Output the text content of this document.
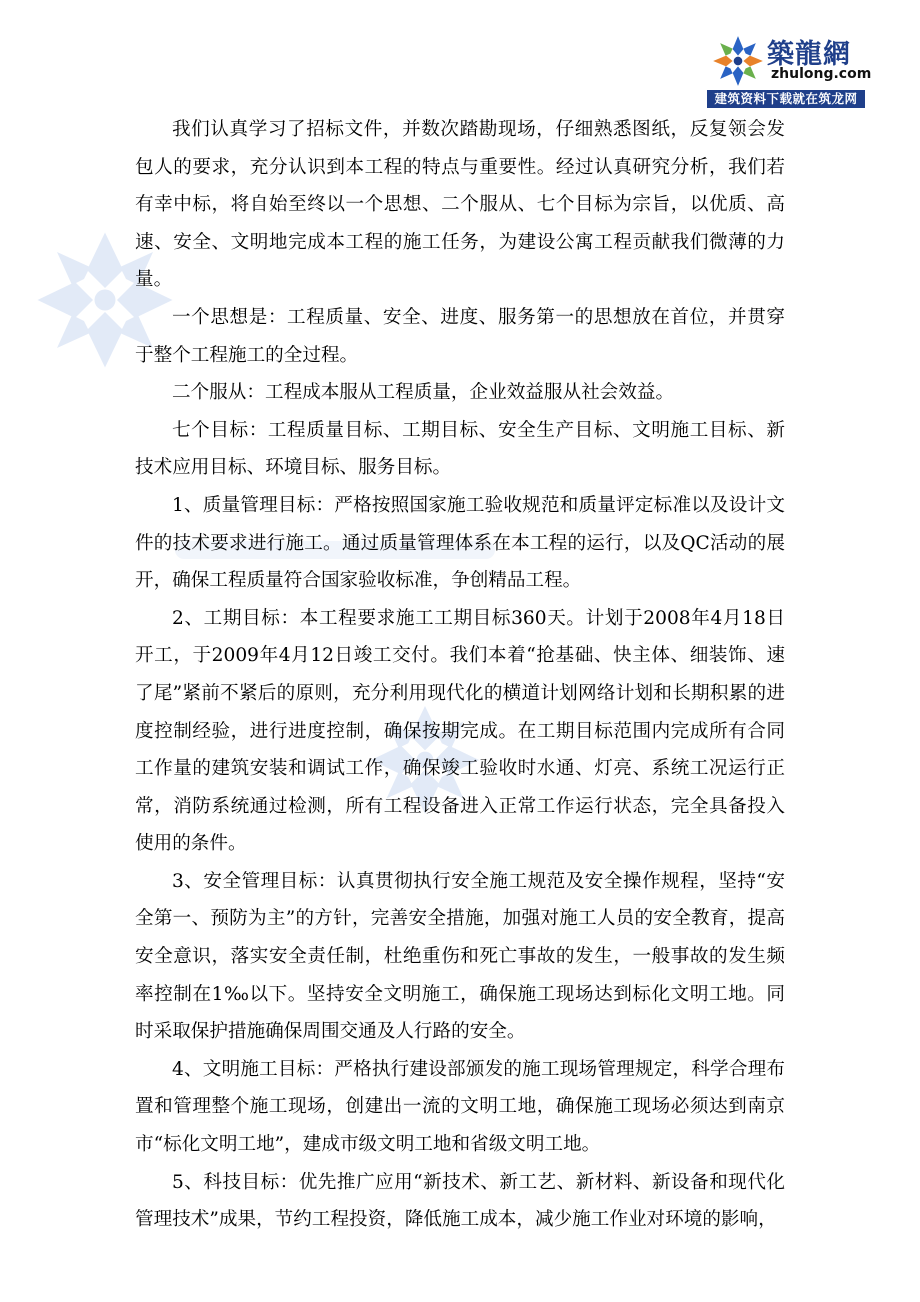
築龍網
zhulong.com
建筑资料下载就在筑龙网

我们认真学习了招标文件，并数次踏勘现场，仔细熟悉图纸，反复领会发包人的要求，充分认识到本工程的特点与重要性。经过认真研究分析，我们若有幸中标，将自始至终以一个思想、二个服从、七个目标为宗旨，以优质、高速、安全、文明地完成本工程的施工任务，为建设公寓工程贡献我们微薄的力量。

一个思想是：工程质量、安全、进度、服务第一的思想放在首位，并贯穿于整个工程施工的全过程。

二个服从：工程成本服从工程质量，企业效益服从社会效益。

七个目标：工程质量目标、工期目标、安全生产目标、文明施工目标、新技术应用目标、环境目标、服务目标。

1、质量管理目标：严格按照国家施工验收规范和质量评定标准以及设计文件的技术要求进行施工。通过质量管理体系在本工程的运行，以及QC活动的展开，确保工程质量符合国家验收标准，争创精品工程。

2、工期目标：本工程要求施工工期目标360天。计划于2008年4月18日开工，于2009年4月12日竣工交付。我们本着“抢基础、快主体、细装饰、速了尾”紧前不紧后的原则，充分利用现代化的横道计划网络计划和长期积累的进度控制经验，进行进度控制，确保按期完成。在工期目标范围内完成所有合同工作量的建筑安装和调试工作，确保竣工验收时水通、灯亮、系统工况运行正常，消防系统通过检测，所有工程设备进入正常工作运行状态，完全具备投入使用的条件。

3、安全管理目标：认真贯彻执行安全施工规范及安全操作规程，坚持“安全第一、预防为主”的方针，完善安全措施，加强对施工人员的安全教育，提高安全意识，落实安全责任制，杜绝重伤和死亡事故的发生，一般事故的发生频率控制在1‰以下。坚持安全文明施工，确保施工现场达到标化文明工地。同时采取保护措施确保周围交通及人行路的安全。

4、文明施工目标：严格执行建设部颁发的施工现场管理规定，科学合理布置和管理整个施工现场，创建出一流的文明工地，确保施工现场必须达到南京市“标化文明工地”，建成市级文明工地和省级文明工地。

5、科技目标：优先推广应用“新技术、新工艺、新材料、新设备和现代化管理技术”成果，节约工程投资，降低施工成本，减少施工作业对环境的影响，
